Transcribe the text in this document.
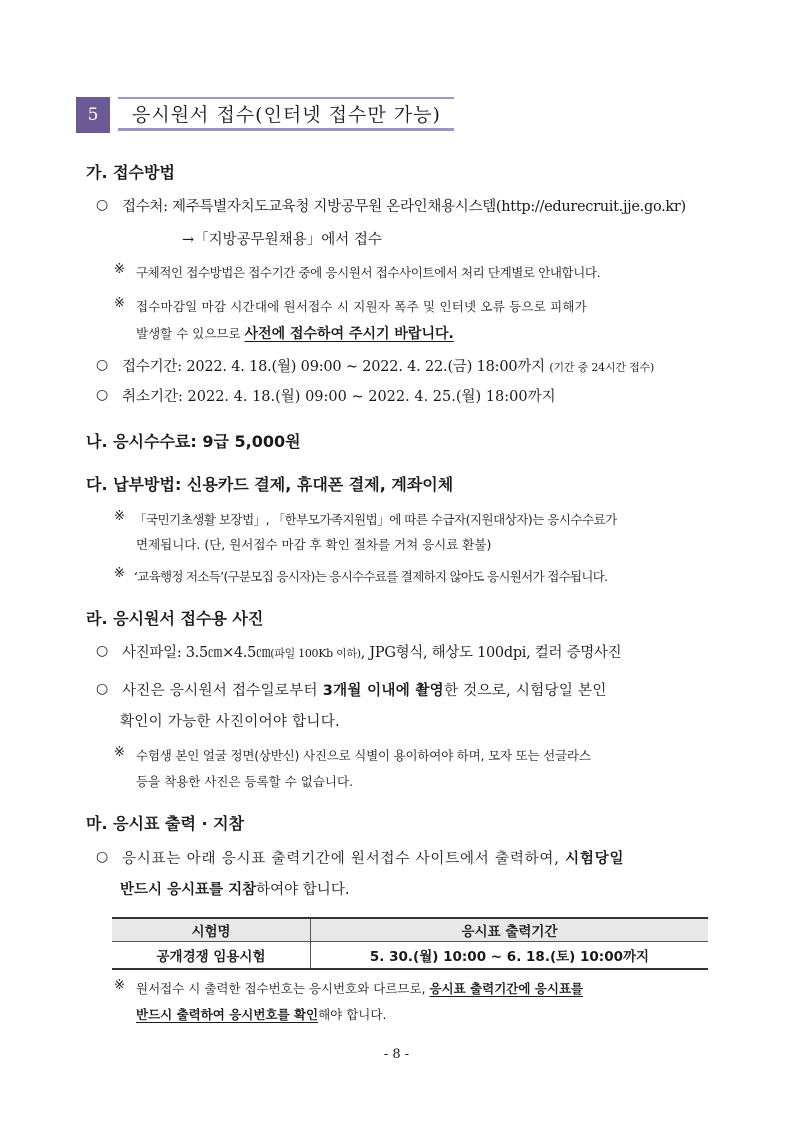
5	응시원서 접수(인터넷 접수만 가능)
가. 접수방법
○ 접수처: 제주특별자치도교육청 지방공무원 온라인채용시스템(http://edurecruit.jje.go.kr)
→「지방공무원채용」에서 접수
※ 구체적인 접수방법은 접수기간 중에 응시원서 접수사이트에서 처리 단계별로 안내합니다.
※ 접수마감일 마감 시간대에 원서접수 시 지원자 폭주 및 인터넷 오류 등으로 피해가
발생할 수 있으므로 사전에 접수하여 주시기 바랍니다.
○ 접수기간: 2022. 4. 18.(월) 09:00 ~ 2022. 4. 22.(금) 18:00까지 (기간 중 24시간 접수)
○ 취소기간: 2022. 4. 18.(월) 09:00 ~ 2022. 4. 25.(월) 18:00까지
나. 응시수수료: 9급 5,000원
다. 납부방법: 신용카드 결제, 휴대폰 결제, 계좌이체
※ 「국민기초생활 보장법」, 「한부모가족지원법」에 따른 수급자(지원대상자)는 응시수수료가
면제됩니다. (단, 원서접수 마감 후 확인 절차를 거쳐 응시료 환불)
※ ‘교육행정 저소득’(구분모집 응시자)는 응시수수료를 결제하지 않아도 응시원서가 접수됩니다.
라. 응시원서 접수용 사진
○ 사진파일: 3.5㎝×4.5㎝(파일 100Kb 이하), JPG형식, 해상도 100dpi, 컬러 증명사진
○ 사진은 응시원서 접수일로부터 3개월 이내에 촬영한 것으로, 시험당일 본인
확인이 가능한 사진이어야 합니다.
※ 수험생 본인 얼굴 정면(상반신) 사진으로 식별이 용이하여야 하며, 모자 또는 선글라스
등을 착용한 사진은 등록할 수 없습니다.
마. 응시표 출력 · 지참
○ 응시표는 아래 응시표 출력기간에 원서접수 사이트에서 출력하여, 시험당일
반드시 응시표를 지참하여야 합니다.
시험명	응시표 출력기간
공개경쟁 임용시험	5. 30.(월) 10:00 ~ 6. 18.(토) 10:00까지
※ 원서접수 시 출력한 접수번호는 응시번호와 다르므로, 응시표 출력기간에 응시표를
반드시 출력하여 응시번호를 확인해야 합니다.
- 8 -
